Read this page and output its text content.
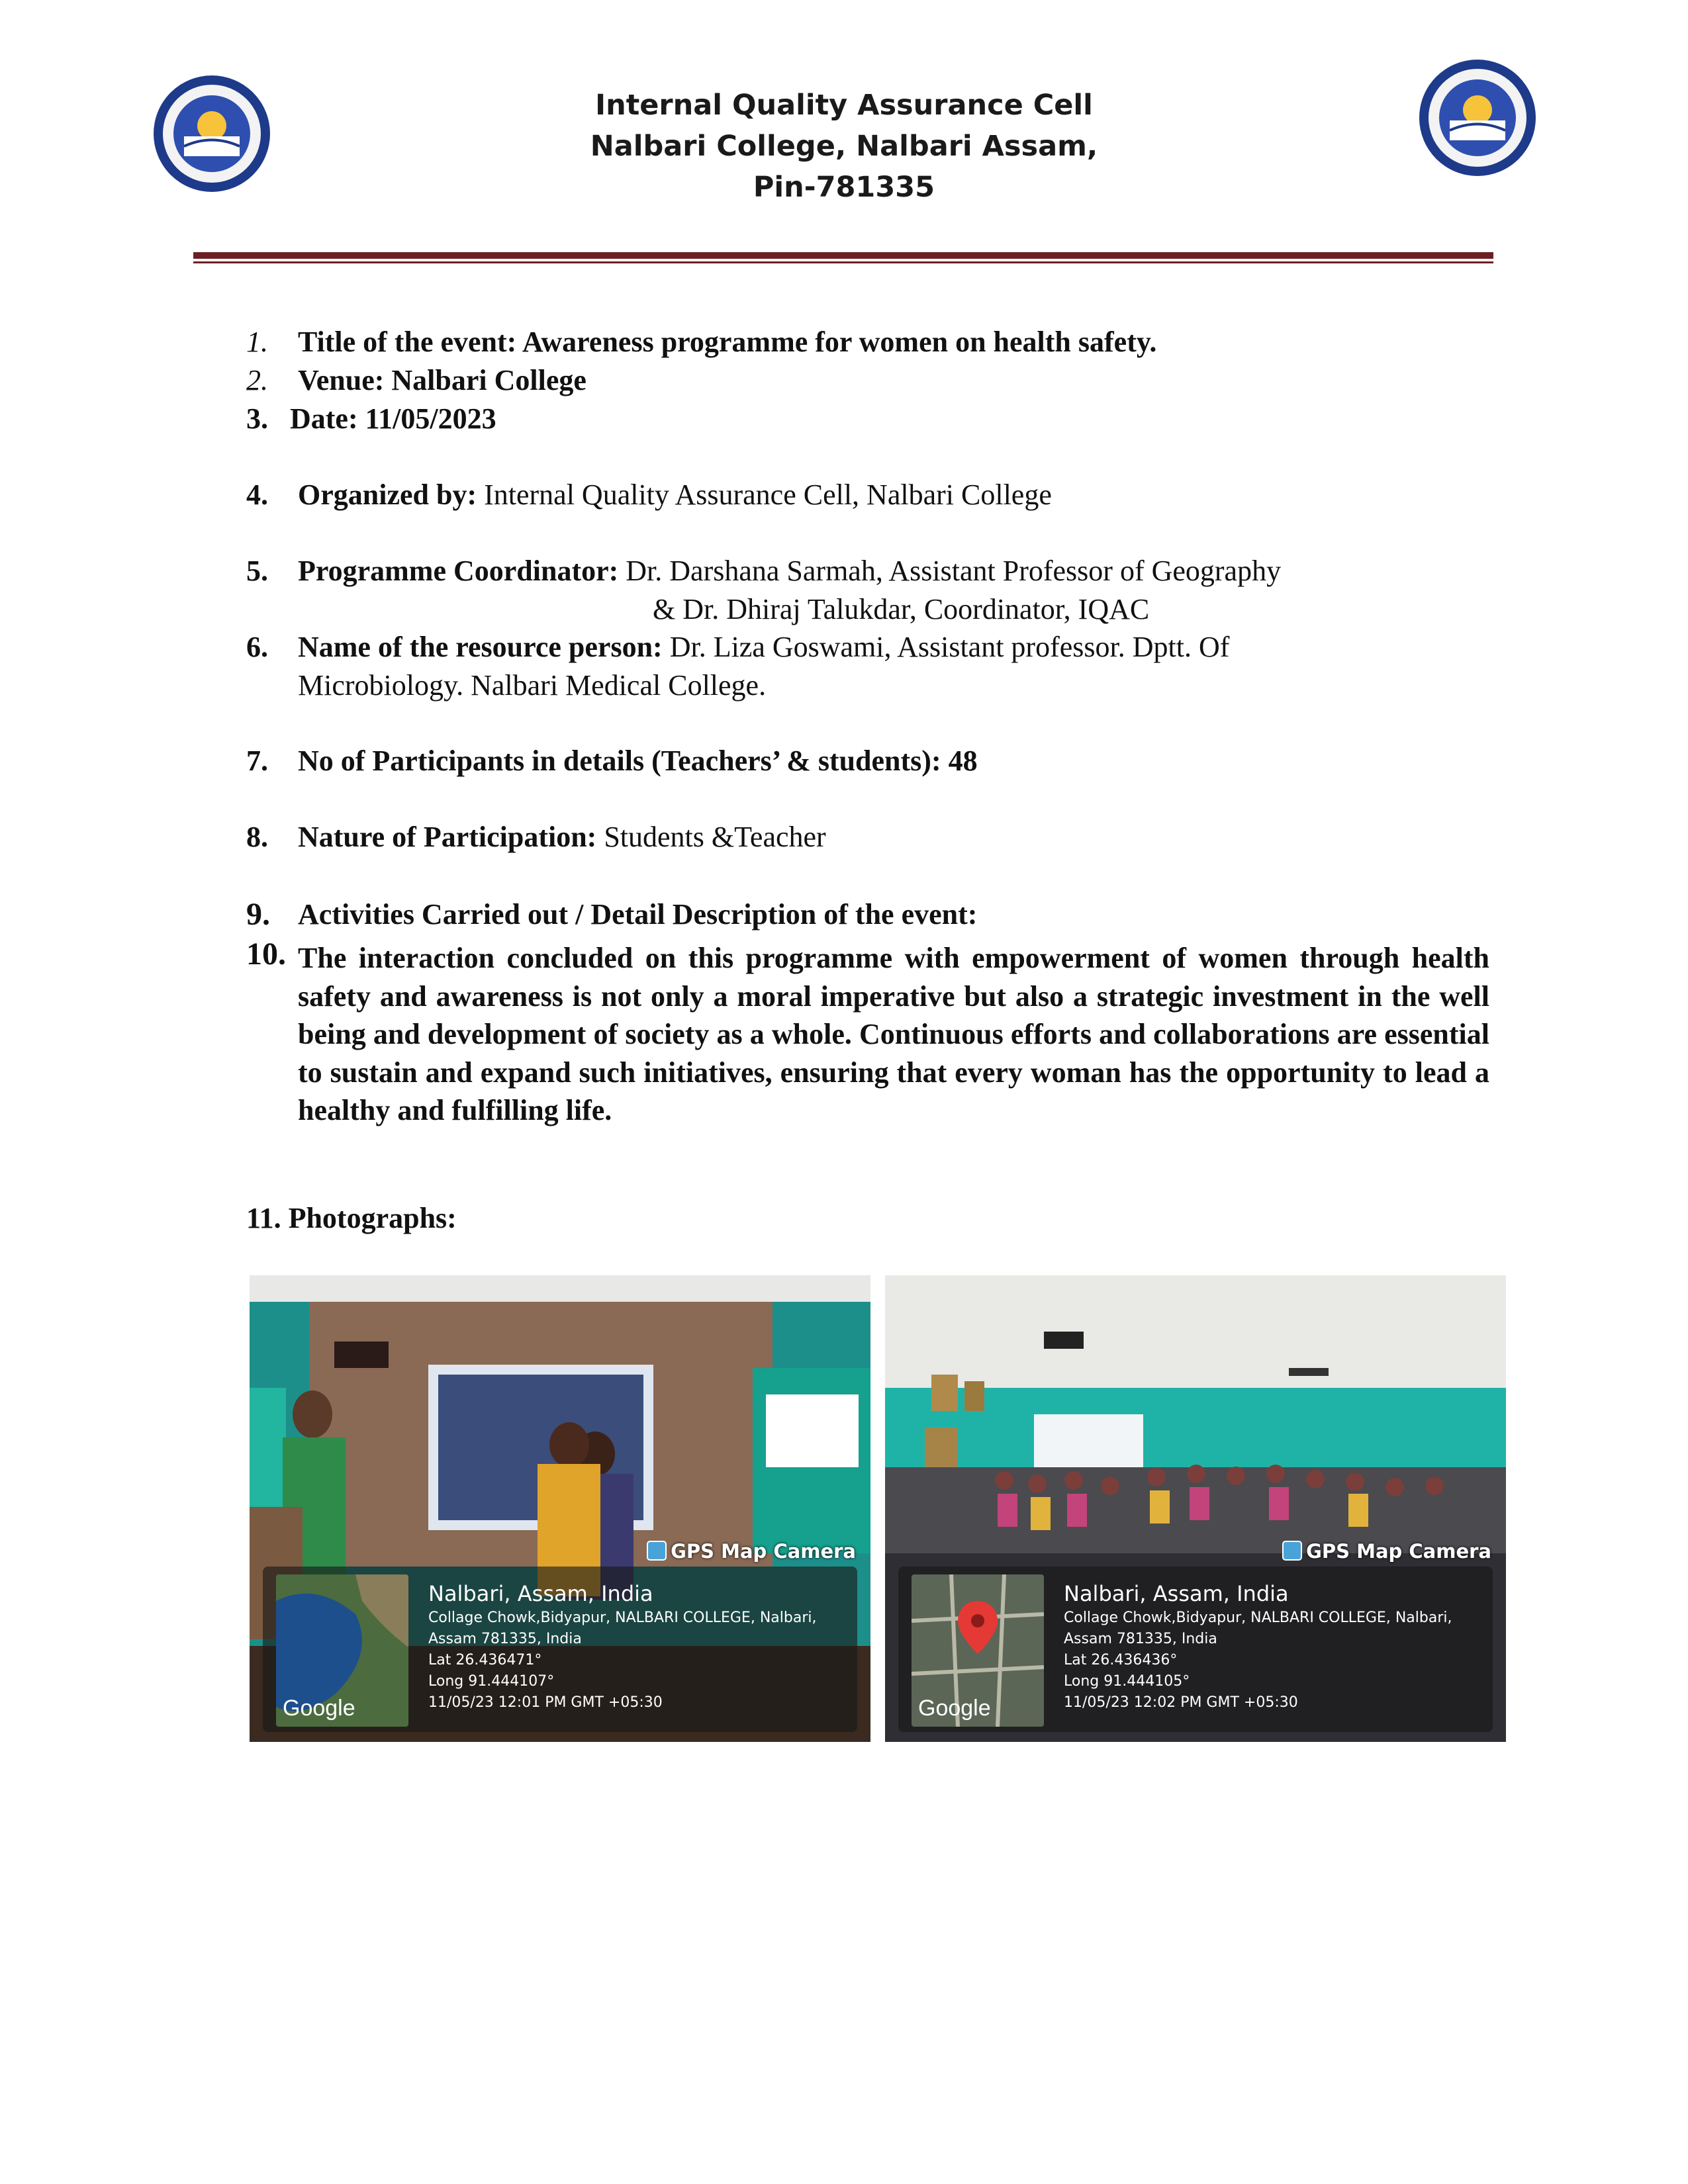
Internal Quality Assurance Cell
Nalbari College, Nalbari Assam,
Pin-781335
1. Title of the event: Awareness programme for women on health safety.
2. Venue: Nalbari College
3. Date: 11/05/2023
4. Organized by: Internal Quality Assurance Cell, Nalbari College
5. Programme Coordinator: Dr. Darshana Sarmah, Assistant Professor of Geography
& Dr. Dhiraj Talukdar, Coordinator, IQAC
6. Name of the resource person: Dr. Liza Goswami, Assistant professor. Dptt. Of
Microbiology. Nalbari Medical College.
7. No of Participants in details (Teachers’ & students): 48
8. Nature of Participation: Students &Teacher
9. Activities Carried out / Detail Description of the event:
10. The interaction concluded on this programme with empowerment of women through health safety and awareness is not only a moral imperative but also a strategic investment in the well being and development of society as a whole. Continuous efforts and collaborations are essential to sustain and expand such initiatives, ensuring that every woman has the opportunity to lead a healthy and fulfilling life.
11. Photographs:
GPS Map Camera
Google
Nalbari, Assam, India
Collage Chowk,Bidyapur, NALBARI COLLEGE, Nalbari,
Assam 781335, India
Lat 26.436471°
Long 91.444107°
11/05/23 12:01 PM GMT +05:30
GPS Map Camera
Google
Nalbari, Assam, India
Collage Chowk,Bidyapur, NALBARI COLLEGE, Nalbari,
Assam 781335, India
Lat 26.436436°
Long 91.444105°
11/05/23 12:02 PM GMT +05:30
